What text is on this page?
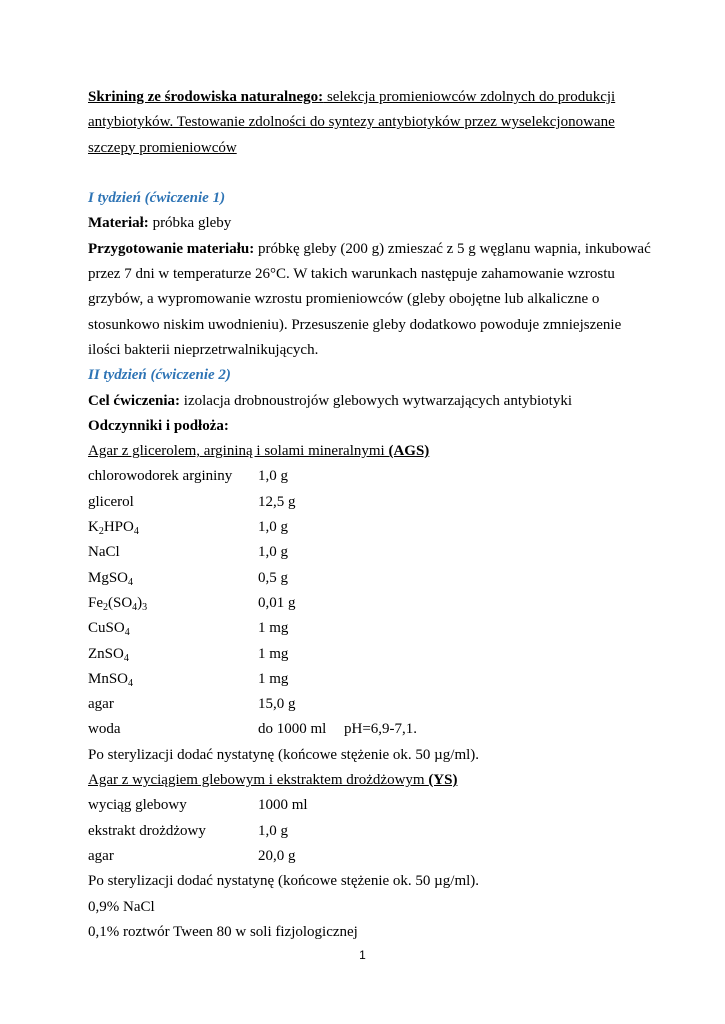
Skrining ze środowiska naturalnego: selekcja promieniowców zdolnych do produkcji
antybiotyków. Testowanie zdolności do syntezy antybiotyków przez wyselekcjonowane
szczepy promieniowców
I tydzień (ćwiczenie 1)
Materiał: próbka gleby
Przygotowanie materiału: próbkę gleby (200 g) zmieszać z 5 g węglanu wapnia, inkubować
przez 7 dni w temperaturze 26°C. W takich warunkach następuje zahamowanie wzrostu
grzybów, a wypromowanie wzrostu promieniowców (gleby obojętne lub alkaliczne o
stosunkowo niskim uwodnieniu). Przesuszenie gleby dodatkowo powoduje zmniejszenie
ilości bakterii nieprzetrwalnikujących.
II tydzień (ćwiczenie 2)
Cel ćwiczenia: izolacja drobnoustrojów glebowych wytwarzających antybiotyki
Odczynniki i podłoża:
Agar z glicerolem, argininą i solami mineralnymi (AGS)
chlorowodorek argininy 1,0 g
glicerol	12,5 g
$K_2HPO_4$	1,0 g
NaCl	1,0 g
MgSO$_4$	0,5 g
$Fe_2(SO_4)_3$	0,01 g
CuSO$_4$	1 mg
ZnSO$_4$	1 mg
MnSO$_4$	1 mg
agar	15,0 g
woda	do 1000 ml pH=6,9-7,1.
Po sterylizacji dodać nystatynę (końcowe stężenie ok. 50 µg/ml).
Agar z wyciągiem glebowym i ekstraktem drożdżowym (YS)
wyciąg glebowy	1000 ml
ekstrakt drożdżowy	1,0 g
agar	20,0 g
Po sterylizacji dodać nystatynę (końcowe stężenie ok. 50 µg/ml).
0,9% NaCl
0,1% roztwór Tween 80 w soli fizjologicznej
1
